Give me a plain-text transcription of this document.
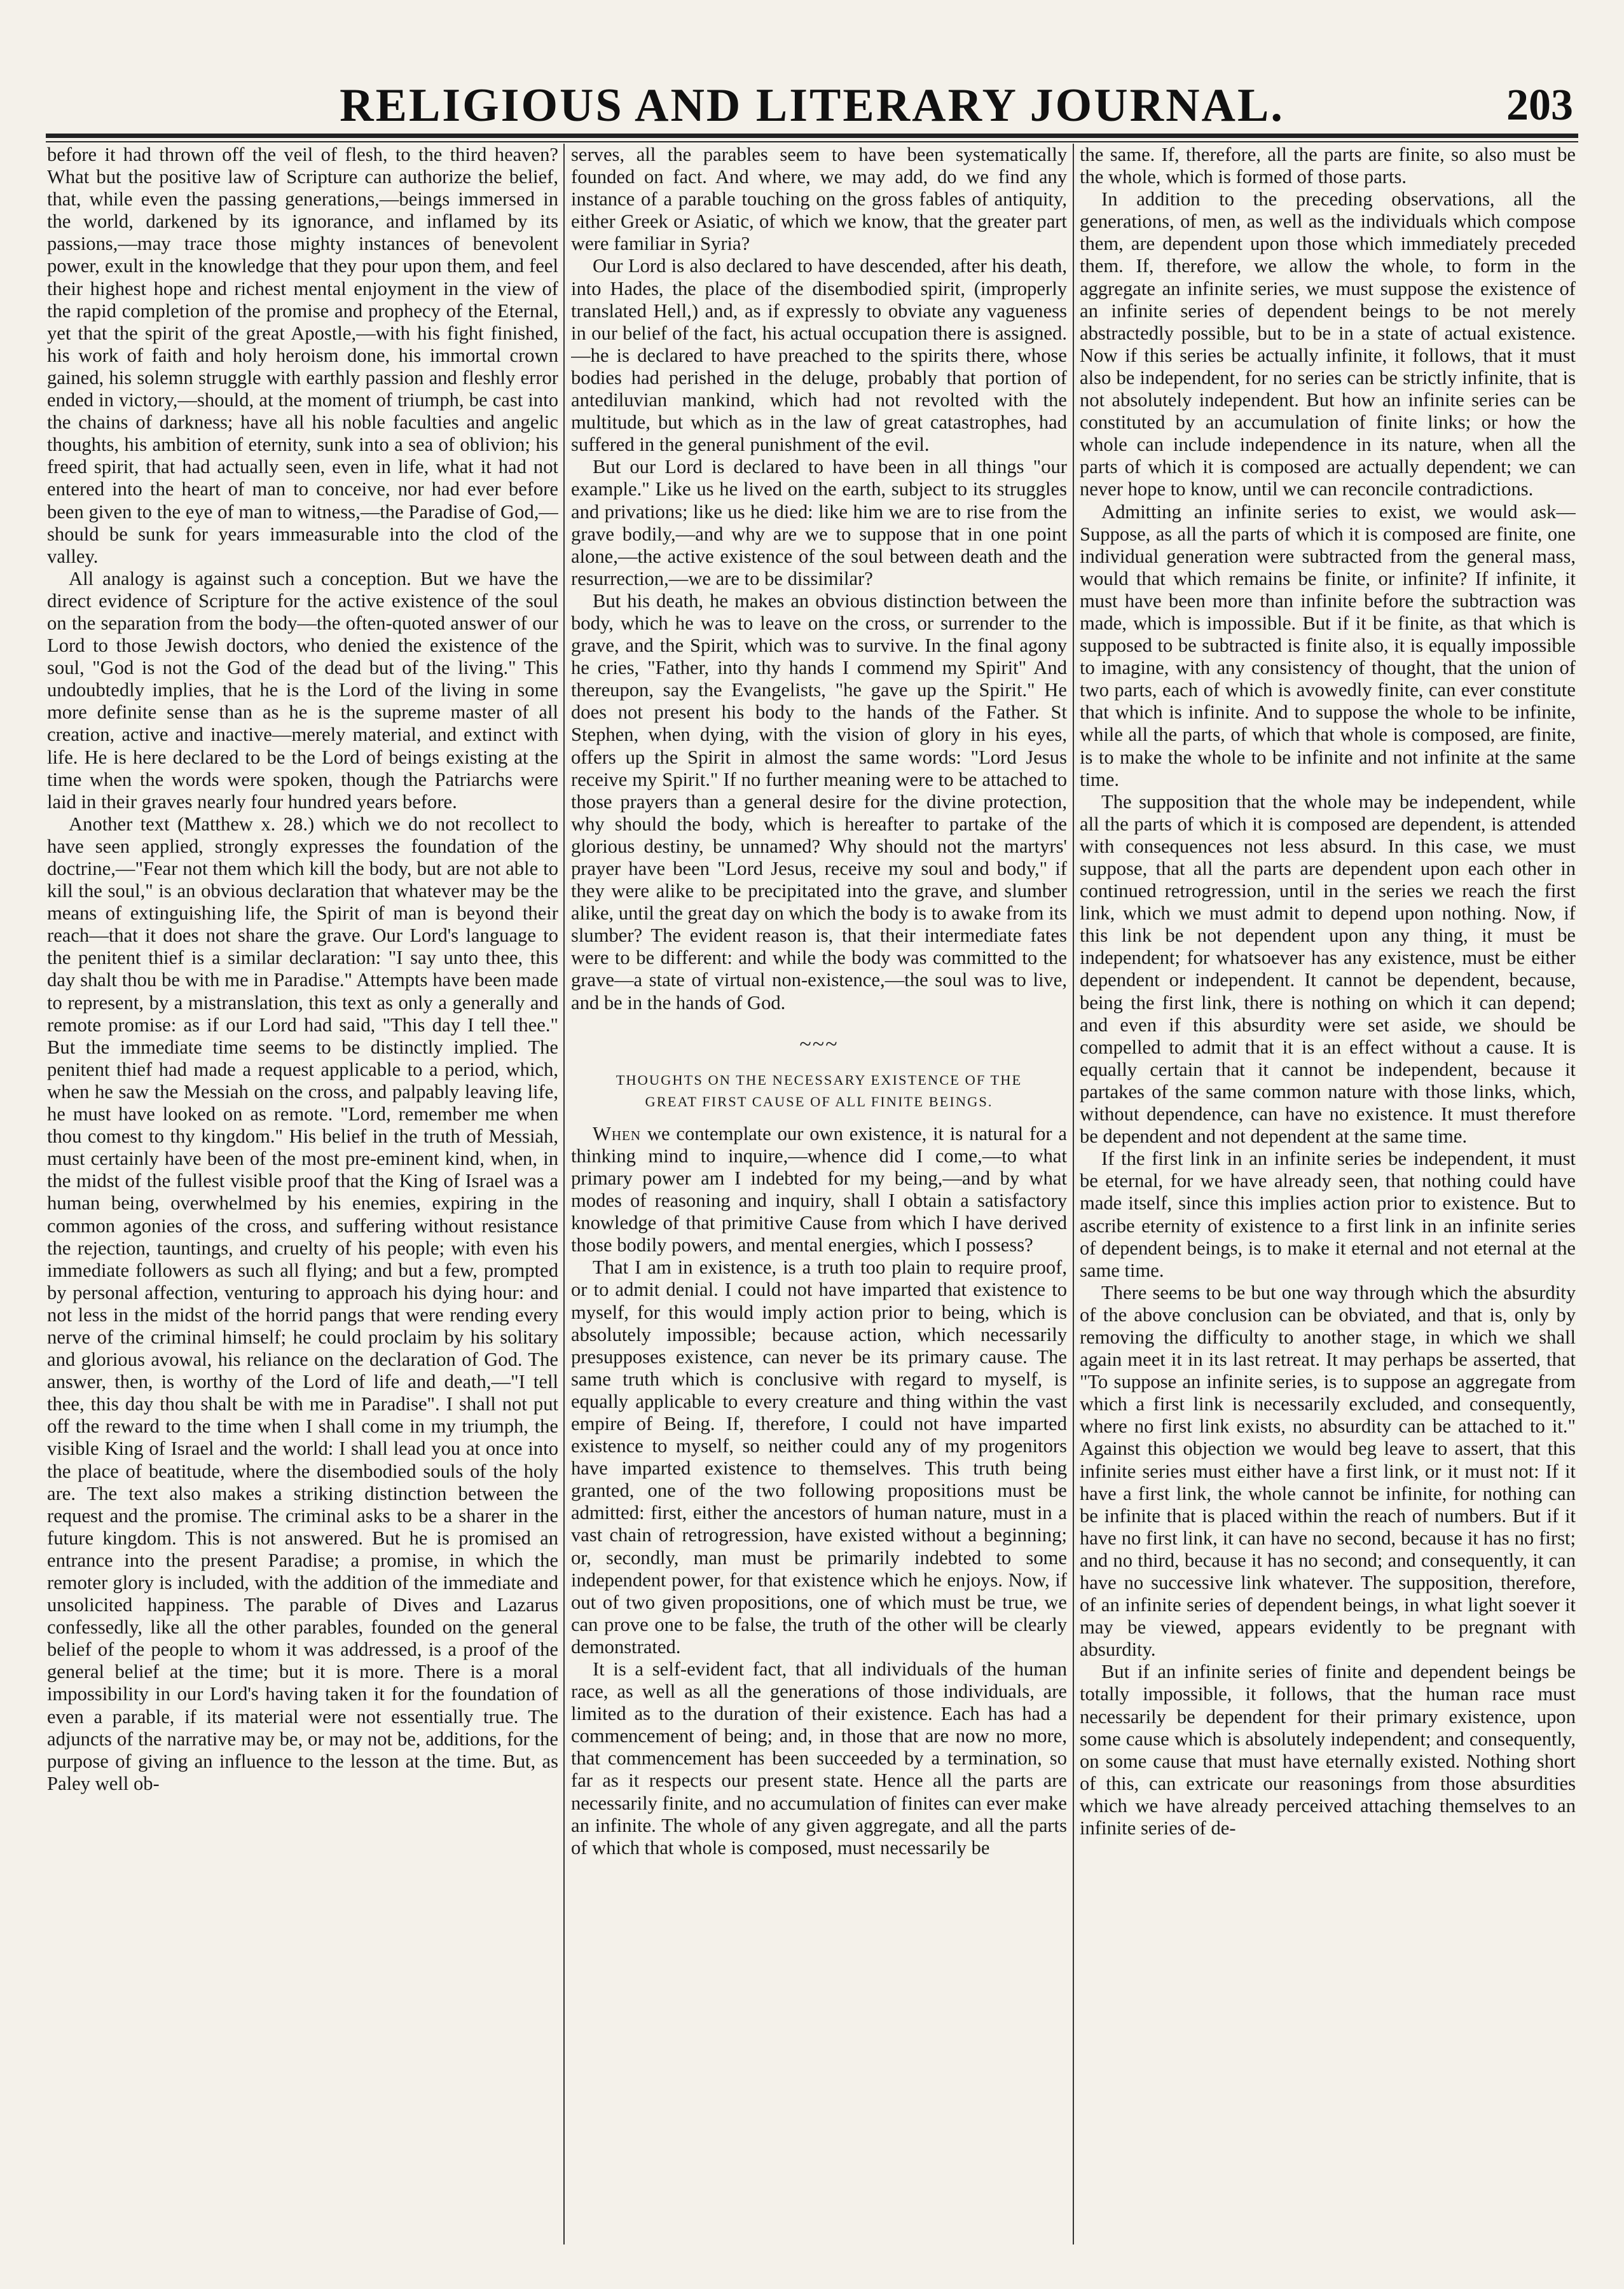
RELIGIOUS AND LITERARY JOURNAL.	203

before it had thrown off the veil of flesh, to the third heaven? What but the positive law of Scripture can authorize the belief, that, while even the passing generations,—beings immersed in the world, darkened by its ignorance, and inflamed by its passions,—may trace those mighty instances of benevolent power, exult in the knowledge that they pour upon them, and feel their highest hope and richest mental enjoyment in the view of the rapid completion of the promise and prophecy of the Eternal, yet that the spirit of the great Apostle,—with his fight finished, his work of faith and holy heroism done, his immortal crown gained, his solemn struggle with earthly passion and fleshly error ended in victory,—should, at the moment of triumph, be cast into the chains of darkness; have all his noble faculties and angelic thoughts, his ambition of eternity, sunk into a sea of oblivion; his freed spirit, that had actually seen, even in life, what it had not entered into the heart of man to conceive, nor had ever before been given to the eye of man to witness,—the Paradise of God,—should be sunk for years immeasurable into the clod of the valley.

All analogy is against such a conception. But we have the direct evidence of Scripture for the active existence of the soul on the separation from the body—the often-quoted answer of our Lord to those Jewish doctors, who denied the existence of the soul, "God is not the God of the dead but of the living." This undoubtedly implies, that he is the Lord of the living in some more definite sense than as he is the supreme master of all creation, active and inactive—merely material, and extinct with life. He is here declared to be the Lord of beings existing at the time when the words were spoken, though the Patriarchs were laid in their graves nearly four hundred years before.

Another text (Matthew x. 28.) which we do not recollect to have seen applied, strongly expresses the foundation of the doctrine,—"Fear not them which kill the body, but are not able to kill the soul," is an obvious declaration that whatever may be the means of extinguishing life, the Spirit of man is beyond their reach—that it does not share the grave. Our Lord's language to the penitent thief is a similar declaration: "I say unto thee, this day shalt thou be with me in Paradise." Attempts have been made to represent, by a mistranslation, this text as only a generally and remote promise: as if our Lord had said, "This day I tell thee." But the immediate time seems to be distinctly implied. The penitent thief had made a request applicable to a period, which, when he saw the Messiah on the cross, and palpably leaving life, he must have looked on as remote. "Lord, remember me when thou comest to thy kingdom." His belief in the truth of Messiah, must certainly have been of the most pre-eminent kind, when, in the midst of the fullest visible proof that the King of Israel was a human being, overwhelmed by his enemies, expiring in the common agonies of the cross, and suffering without resistance the rejection, tauntings, and cruelty of his people; with even his immediate followers as such all flying; and but a few, prompted by personal affection, venturing to approach his dying hour: and not less in the midst of the horrid pangs that were rending every nerve of the criminal himself; he could proclaim by his solitary and glorious avowal, his reliance on the declaration of God. The answer, then, is worthy of the Lord of life and death,—"I tell thee, this day thou shalt be with me in Paradise". I shall not put off the reward to the time when I shall come in my triumph, the visible King of Israel and the world: I shall lead you at once into the place of beatitude, where the disembodied souls of the holy are. The text also makes a striking distinction between the request and the promise. The criminal asks to be a sharer in the future kingdom. This is not answered. But he is promised an entrance into the present Paradise; a promise, in which the remoter glory is included, with the addition of the immediate and unsolicited happiness. The parable of Dives and Lazarus confessedly, like all the other parables, founded on the general belief of the people to whom it was addressed, is a proof of the general belief at the time; but it is more. There is a moral impossibility in our Lord's having taken it for the foundation of even a parable, if its material were not essentially true. The adjuncts of the narrative may be, or may not be, additions, for the purpose of giving an influence to the lesson at the time. But, as Paley well ob-

serves, all the parables seem to have been systematically founded on fact. And where, we may add, do we find any instance of a parable touching on the gross fables of antiquity, either Greek or Asiatic, of which we know, that the greater part were familiar in Syria?

Our Lord is also declared to have descended, after his death, into Hades, the place of the disembodied spirit, (improperly translated Hell,) and, as if expressly to obviate any vagueness in our belief of the fact, his actual occupation there is assigned.—he is declared to have preached to the spirits there, whose bodies had perished in the deluge, probably that portion of antediluvian mankind, which had not revolted with the multitude, but which as in the law of great catastrophes, had suffered in the general punishment of the evil.

But our Lord is declared to have been in all things "our example." Like us he lived on the earth, subject to its struggles and privations; like us he died: like him we are to rise from the grave bodily,—and why are we to suppose that in one point alone,—the active existence of the soul between death and the resurrection,—we are to be dissimilar?

But his death, he makes an obvious distinction between the body, which he was to leave on the cross, or surrender to the grave, and the Spirit, which was to survive. In the final agony he cries, "Father, into thy hands I commend my Spirit" And thereupon, say the Evangelists, "he gave up the Spirit." He does not present his body to the hands of the Father. St Stephen, when dying, with the vision of glory in his eyes, offers up the Spirit in almost the same words: "Lord Jesus receive my Spirit." If no further meaning were to be attached to those prayers than a general desire for the divine protection, why should the body, which is hereafter to partake of the glorious destiny, be unnamed? Why should not the martyrs' prayer have been "Lord Jesus, receive my soul and body," if they were alike to be precipitated into the grave, and slumber alike, until the great day on which the body is to awake from its slumber? The evident reason is, that their intermediate fates were to be different: and while the body was committed to the grave—a state of virtual non-existence,—the soul was to live, and be in the hands of God.

~~~
THOUGHTS ON THE NECESSARY EXISTENCE OF THE
GREAT FIRST CAUSE OF ALL FINITE BEINGS.

When we contemplate our own existence, it is natural for a thinking mind to inquire,—whence did I come,—to what primary power am I indebted for my being,—and by what modes of reasoning and inquiry, shall I obtain a satisfactory knowledge of that primitive Cause from which I have derived those bodily powers, and mental energies, which I possess?

That I am in existence, is a truth too plain to require proof, or to admit denial. I could not have imparted that existence to myself, for this would imply action prior to being, which is absolutely impossible; because action, which necessarily presupposes existence, can never be its primary cause. The same truth which is conclusive with regard to myself, is equally applicable to every creature and thing within the vast empire of Being. If, therefore, I could not have imparted existence to myself, so neither could any of my progenitors have imparted existence to themselves. This truth being granted, one of the two following propositions must be admitted: first, either the ancestors of human nature, must in a vast chain of retrogression, have existed without a beginning; or, secondly, man must be primarily indebted to some independent power, for that existence which he enjoys. Now, if out of two given propositions, one of which must be true, we can prove one to be false, the truth of the other will be clearly demonstrated.

It is a self-evident fact, that all individuals of the human race, as well as all the generations of those individuals, are limited as to the duration of their existence. Each has had a commencement of being; and, in those that are now no more, that commencement has been succeeded by a termination, so far as it respects our present state. Hence all the parts are necessarily finite, and no accumulation of finites can ever make an infinite. The whole of any given aggregate, and all the parts of which that whole is composed, must necessarily be

the same. If, therefore, all the parts are finite, so also must be the whole, which is formed of those parts.

In addition to the preceding observations, all the generations, of men, as well as the individuals which compose them, are dependent upon those which immediately preceded them. If, therefore, we allow the whole, to form in the aggregate an infinite series, we must suppose the existence of an infinite series of dependent beings to be not merely abstractedly possible, but to be in a state of actual existence. Now if this series be actually infinite, it follows, that it must also be independent, for no series can be strictly infinite, that is not absolutely independent. But how an infinite series can be constituted by an accumulation of finite links; or how the whole can include independence in its nature, when all the parts of which it is composed are actually dependent; we can never hope to know, until we can reconcile contradictions.

Admitting an infinite series to exist, we would ask—Suppose, as all the parts of which it is composed are finite, one individual generation were subtracted from the general mass, would that which remains be finite, or infinite? If infinite, it must have been more than infinite before the subtraction was made, which is impossible. But if it be finite, as that which is supposed to be subtracted is finite also, it is equally impossible to imagine, with any consistency of thought, that the union of two parts, each of which is avowedly finite, can ever constitute that which is infinite. And to suppose the whole to be infinite, while all the parts, of which that whole is composed, are finite, is to make the whole to be infinite and not infinite at the same time.

The supposition that the whole may be independent, while all the parts of which it is composed are dependent, is attended with consequences not less absurd. In this case, we must suppose, that all the parts are dependent upon each other in continued retrogression, until in the series we reach the first link, which we must admit to depend upon nothing. Now, if this link be not dependent upon any thing, it must be independent; for whatsoever has any existence, must be either dependent or independent. It cannot be dependent, because, being the first link, there is nothing on which it can depend; and even if this absurdity were set aside, we should be compelled to admit that it is an effect without a cause. It is equally certain that it cannot be independent, because it partakes of the same common nature with those links, which, without dependence, can have no existence. It must therefore be dependent and not dependent at the same time.

If the first link in an infinite series be independent, it must be eternal, for we have already seen, that nothing could have made itself, since this implies action prior to existence. But to ascribe eternity of existence to a first link in an infinite series of dependent beings, is to make it eternal and not eternal at the same time.

There seems to be but one way through which the absurdity of the above conclusion can be obviated, and that is, only by removing the difficulty to another stage, in which we shall again meet it in its last retreat. It may perhaps be asserted, that "To suppose an infinite series, is to suppose an aggregate from which a first link is necessarily excluded, and consequently, where no first link exists, no absurdity can be attached to it." Against this objection we would beg leave to assert, that this infinite series must either have a first link, or it must not: If it have a first link, the whole cannot be infinite, for nothing can be infinite that is placed within the reach of numbers. But if it have no first link, it can have no second, because it has no first; and no third, because it has no second; and consequently, it can have no successive link whatever. The supposition, therefore, of an infinite series of dependent beings, in what light soever it may be viewed, appears evidently to be pregnant with absurdity.

But if an infinite series of finite and dependent beings be totally impossible, it follows, that the human race must necessarily be dependent for their primary existence, upon some cause which is absolutely independent; and consequently, on some cause that must have eternally existed. Nothing short of this, can extricate our reasonings from those absurdities which we have already perceived attaching themselves to an infinite series of de-
